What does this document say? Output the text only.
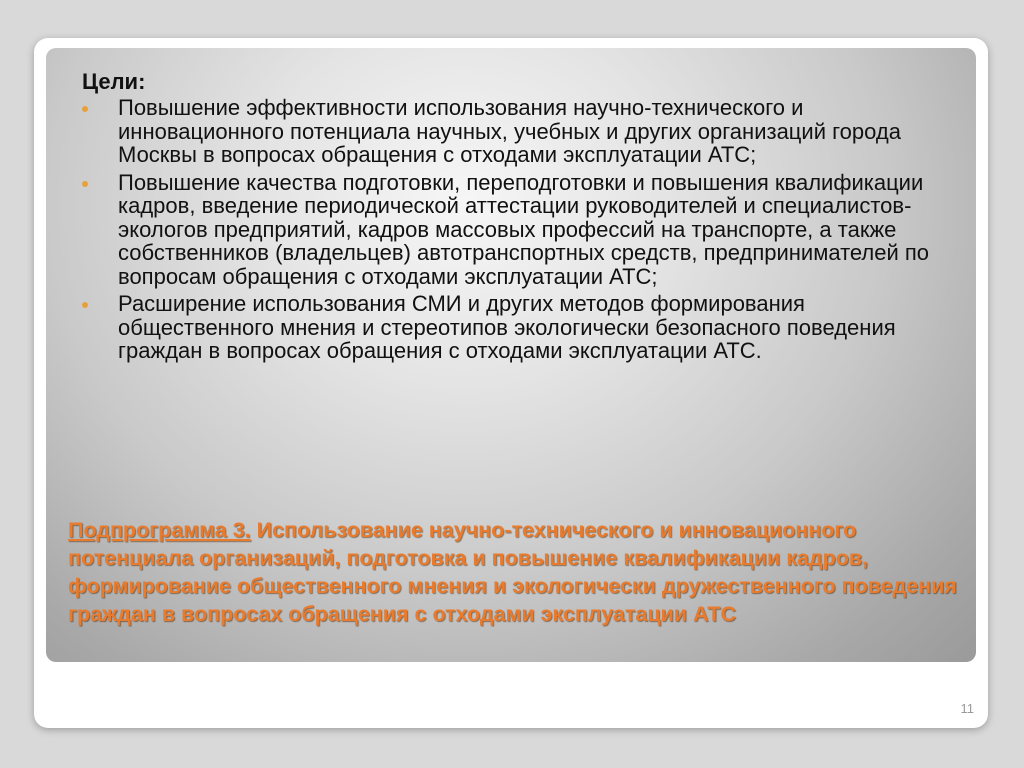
Цели:

Повышение эффективности использования научно-технического и инновационного потенциала научных, учебных и других организаций города Москвы в вопросах обращения с отходами эксплуатации АТС;
Повышение качества подготовки, переподготовки и повышения квалификации кадров, введение периодической аттестации руководителей и специалистов-экологов предприятий, кадров массовых профессий на транспорте, а также собственников (владельцев) автотранспортных средств, предпринимателей по вопросам обращения с отходами эксплуатации АТС;
Расширение использования СМИ и других методов формирования общественного мнения и стереотипов экологически безопасного поведения граждан в вопросах обращения с отходами эксплуатации АТС.

Подпрограмма 3. Использование научно-технического и инновационного потенциала организаций, подготовка и повышение квалификации кадров, формирование общественного мнения и экологически дружественного поведения граждан в вопросах обращения с отходами эксплуатации АТС

11
